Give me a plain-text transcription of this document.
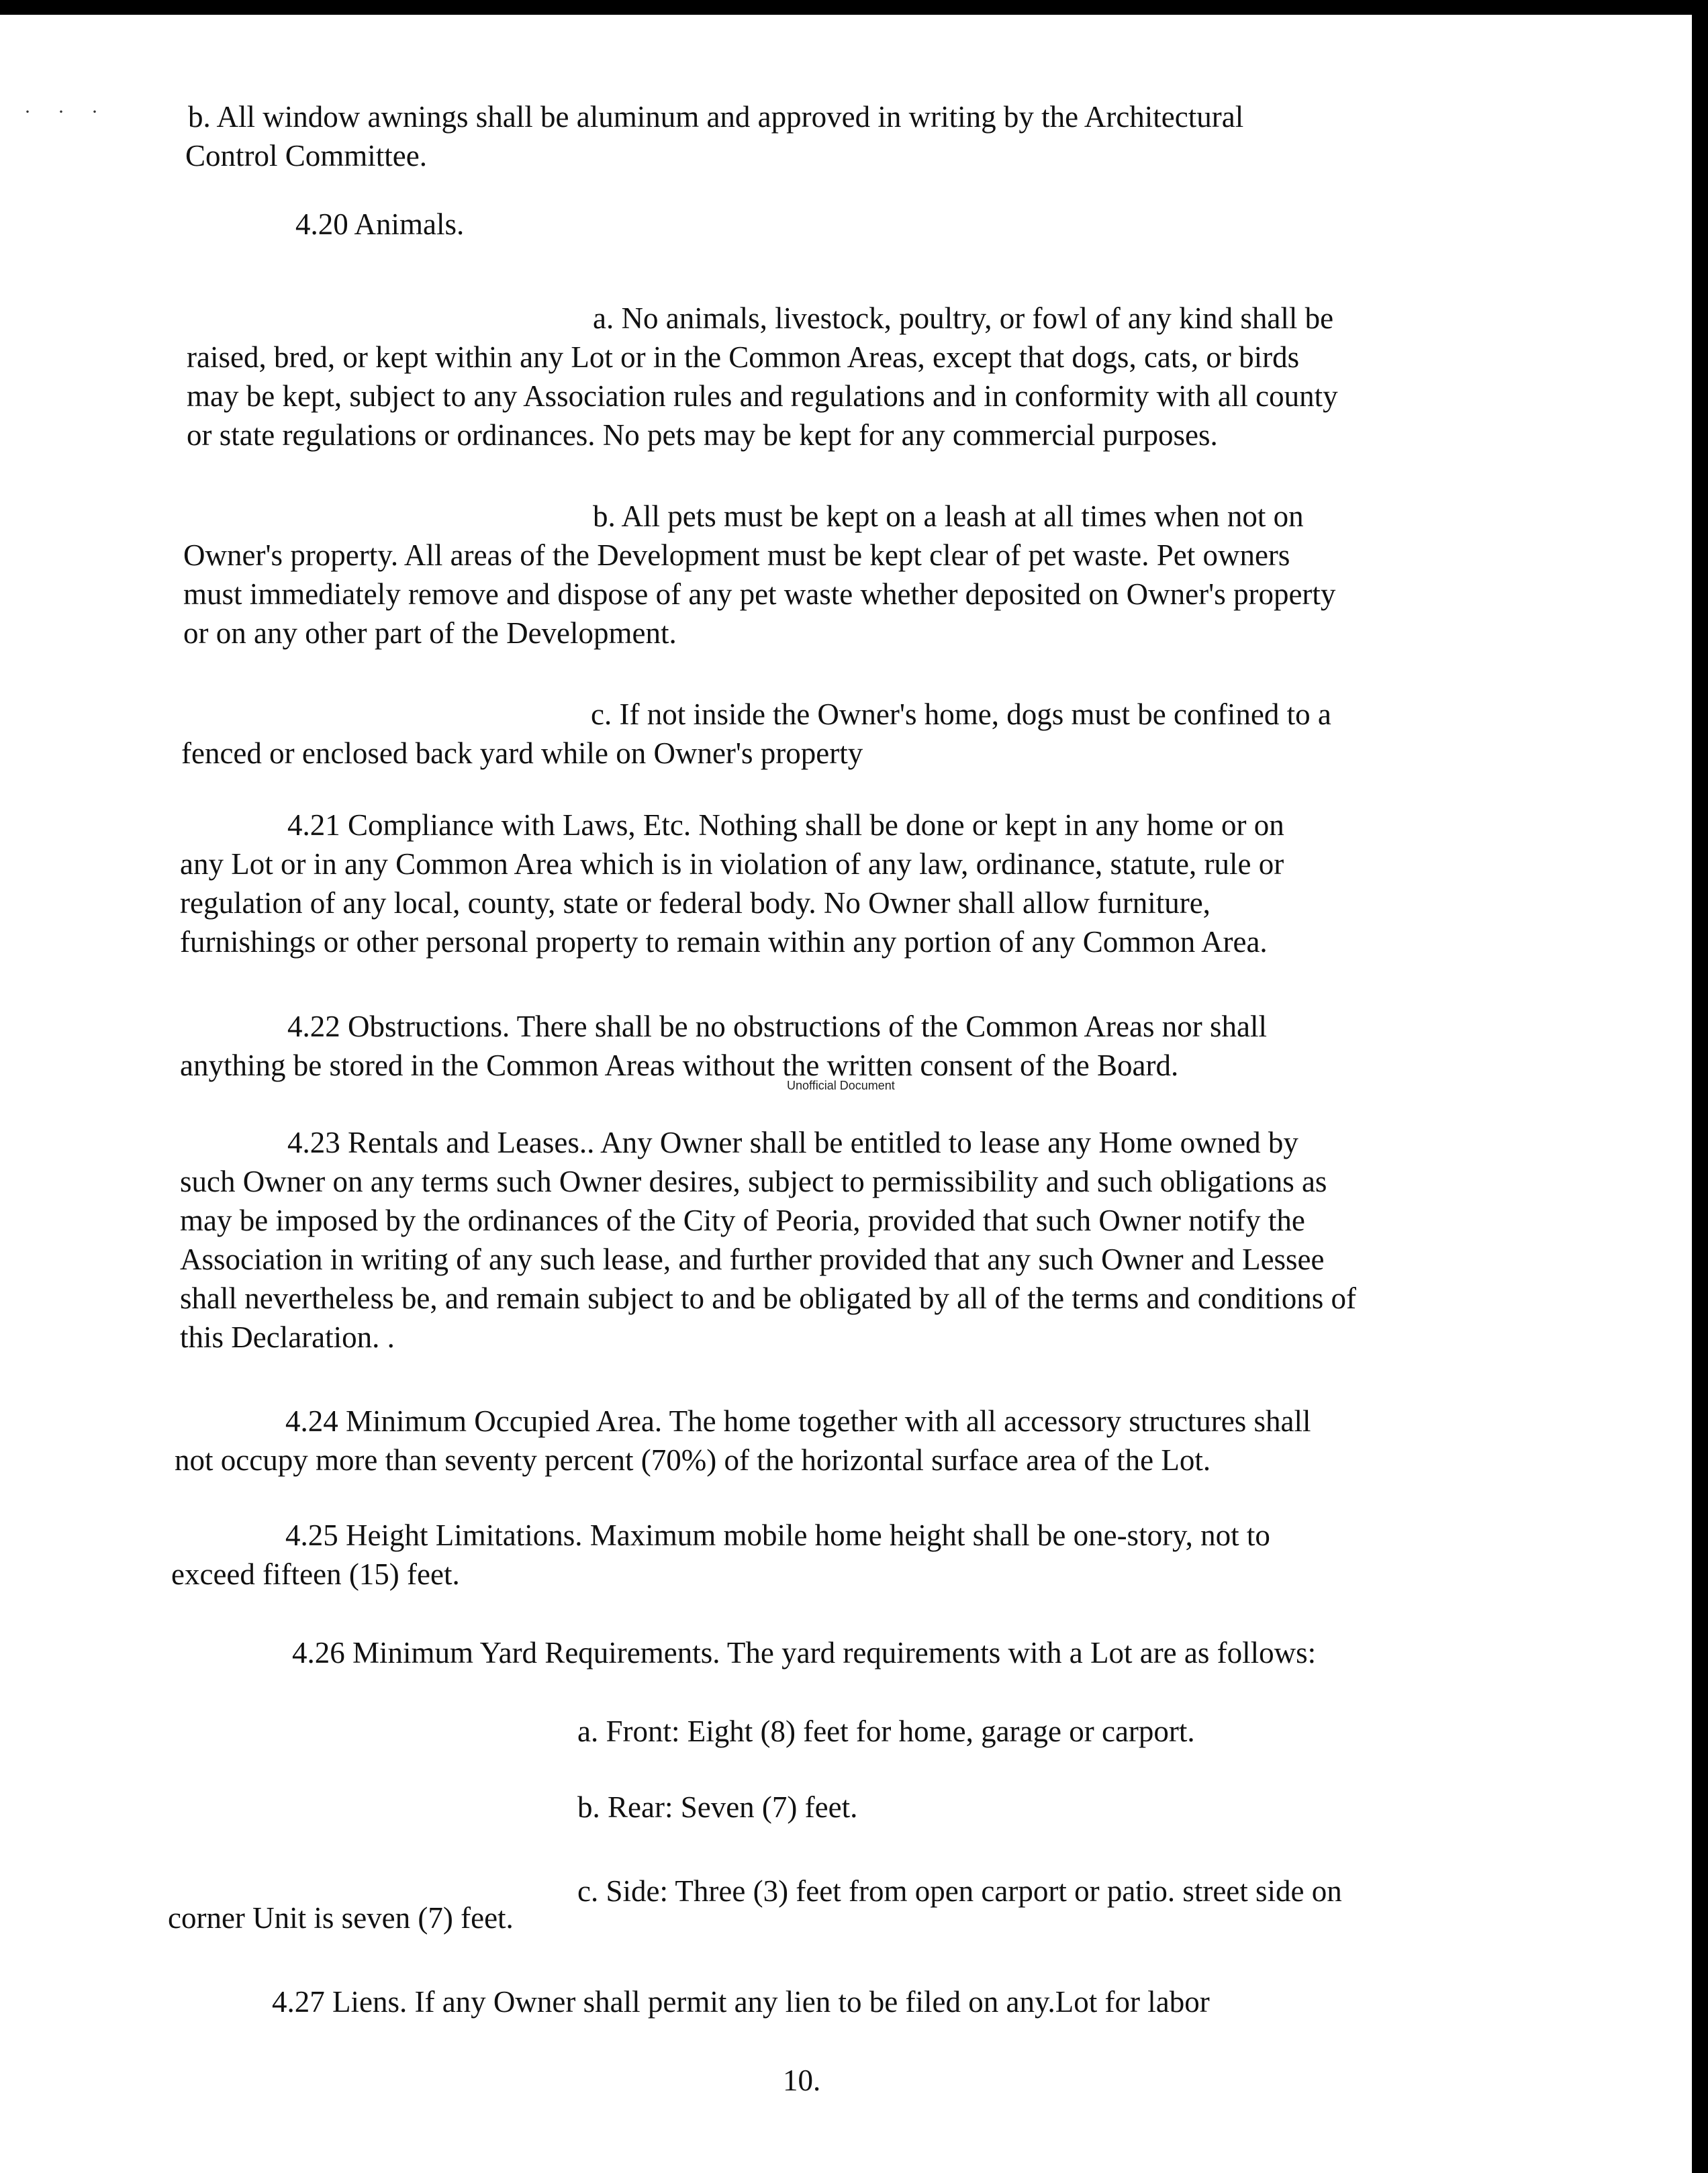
··· b. All window awnings shall be aluminum and approved in writing by the Architectural
Control Committee.
4.20 Animals.
a. No animals, livestock, poultry, or fowl of any kind shall be
raised, bred, or kept within any Lot or in the Common Areas, except that dogs, cats, or birds
may be kept, subject to any Association rules and regulations and in conformity with all county
or state regulations or ordinances. No pets may be kept for any commercial purposes.
b. All pets must be kept on a leash at all times when not on
Owner's property. All areas of the Development must be kept clear of pet waste. Pet owners
must immediately remove and dispose of any pet waste whether deposited on Owner's property
or on any other part of the Development.
c. If not inside the Owner's home, dogs must be confined to a
fenced or enclosed back yard while on Owner's property
4.21 Compliance with Laws, Etc. Nothing shall be done or kept in any home or on
any Lot or in any Common Area which is in violation of any law, ordinance, statute, rule or
regulation of any local, county, state or federal body. No Owner shall allow furniture,
furnishings or other personal property to remain within any portion of any Common Area.
4.22 Obstructions. There shall be no obstructions of the Common Areas nor shall
anything be stored in the Common Areas without the written consent of the Board.
Unofficial Document
4.23 Rentals and Leases.. Any Owner shall be entitled to lease any Home owned by
such Owner on any terms such Owner desires, subject to permissibility and such obligations as
may be imposed by the ordinances of the City of Peoria, provided that such Owner notify the
Association in writing of any such lease, and further provided that any such Owner and Lessee
shall nevertheless be, and remain subject to and be obligated by all of the terms and conditions of
this Declaration. .
4.24 Minimum Occupied Area. The home together with all accessory structures shall
not occupy more than seventy percent (70%) of the horizontal surface area of the Lot.
4.25 Height Limitations. Maximum mobile home height shall be one-story, not to
exceed fifteen (15) feet.
4.26 Minimum Yard Requirements. The yard requirements with a Lot are as follows:
a. Front: Eight (8) feet for home, garage or carport.
b. Rear: Seven (7) feet.
c. Side: Three (3) feet from open carport or patio. street side on
corner Unit is seven (7) feet.
4.27 Liens. If any Owner shall permit any lien to be filed on any.Lot for labor
10.
